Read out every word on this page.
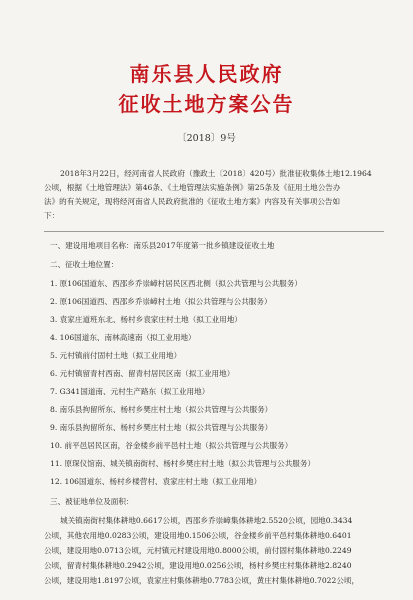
南乐县人民政府
征收土地方案公告
〔2018〕9号
2018年3月22日，经河南省人民政府（豫政土〔2018〕420号）批准征收集体土地12.1964
公顷，根据《土地管理法》第46条、《土地管理法实施条例》第25条及《征用土地公告办
法》的有关规定，现将经河南省人民政府批准的《征收土地方案》内容及有关事项公告如
下：
一、建设用地项目名称：南乐县2017年度第一批乡镇建设征收土地
二、征收土地位置：
1. 原106国道东、西邵乡乔崇嶂村居民区西北侧（拟公共管理与公共服务）
2. 原106国道西、西邵乡乔崇嶂村土地（拟公共管理与公共服务）
3. 袁家庄道班东北、杨村乡袁家庄村土地（拟工业用地）
4. 106国道东、南林高速南（拟工业用地）
5. 元村镇前付固村土地（拟工业用地）
6. 元村镇留青村西南、留青村居民区南（拟工业用地）
7. G341国道南、元村生产路东（拟工业用地）
8. 南乐县拘留所东、杨村乡樊庄村土地（拟公共管理与公共服务）
9. 南乐县拘留所东、杨村乡樊庄村土地（拟公共管理与公共服务）
10. 前平邑居民区南，谷金楼乡前平邑村土地（拟公共管理与公共服务）
11. 原琛仪馆南、城关镇南街村、杨村乡樊庄村土地（拟公共管理与公共服务）
12. 106国道东、杨村乡楼营村、袁家庄村土地（拟工业用地）
三、被征地单位及面积：
城关镇南街村集体耕地0.6617公顷，西邵乡乔崇嶂集体耕地2.5520公顷，园地0.3434
公顷，其他农用地0.0283公顷，建设用地0.1506公顷，谷金楼乡前平邑村集体耕地0.6401
公顷，建设用地0.0713公顷，元村镇元村建设用地0.8000公顷，前付固村集体耕地0.2249
公顷，留青村集体耕地0.2942公顷，建设用地0.0256公顷，杨村乡樊庄村集体耕地2.8240
公顷，建设用地1.8197公顷，袁家庄村集体耕地0.7783公顷，黄庄村集体耕地0.7022公顷，
